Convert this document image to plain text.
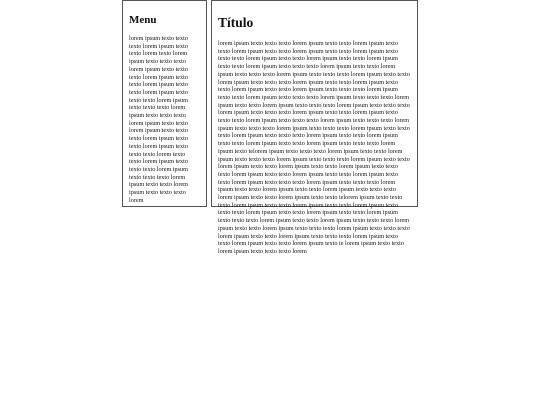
Menu

lorem ipsum texto texto texto lorem ipsum texto texto lorem texto lorem ipsum texto texto texto lorem ipsum texto texto texto lorem ipsum texto texto lorem ipsum texto texto lorem ipsum texto texto texto lorem ipsum texto texto texto lorem ipsum texto texto texto lorem ipsum texto texto lorem ipsum texto texto texto lorem ipsum texto texto lorem ipsum texto texto texto lorem texto texto lorem ipsum texto texto texto lorem ipsum texto texto texto lorem ipsum texto texto lorem ipsum texto texto texto lorem

Título

lorem ipsum texto texto texto lorem ipsum texto texto lorem ipsum texto texto lorem ipsum texto texto lorem ipsum texto texto lorem ipsum texto texto texto lorem ipsum texto texto lorem ipsum texto texto lorem ipsum texto texto lorem ipsum texto texto texto lorem ipsum texto texto lorem ipsum texto texto texto lorem ipsum texto texto texto lorem ipsum texto texto lorem ipsum texto texto texto lorem ipsum texto texto lorem ipsum texto texto lorem ipsum texto texto lorem ipsum texto texto texto lorem ipsum texto texto lorem ipsum texto texto texto lorem ipsum texto texto texto lorem ipsum texto texto lorem ipsum texto texto texto lorem ipsum texto texto texto lorem ipsum texto texto texto lorem ipsum texto texto lorem ipsum texto texto texto lorem ipsum texto texto texto lorem ipsum texto texto texto lorem ipsum texto texto texto lorem ipsum texto texto texto lorem ipsum texto texto texto lorem ipsum texto texto texto lorem ipsum texto texto lorem ipsum texto texto lorem ipsum texto texto lorem ipsum texto texto texto lorem ipsum texto telorem ipsum texto texto texto lorem ipsum texto texto lorem ipsum texto texto texto lorem ipsum texto texto texto lorem ipsum texto texto lorem ipsum texto texto lorem ipsum texto texto lorem ipsum texto texto texto lorem ipsum texto texto lorem ipsum texto texto lorem ipsum texto texto lorem ipsum texto texto texto lorem ipsum texto texto texto lorem ipsum texto texto lorem ipsum texto texto lorem ipsum texto texto texto lorem ipsum texto texto lorem ipsum texto texto telorem ipsum texto texto texto lorem ipsum texto texto lorem ipsum texto texto lorem ipsum texto texto texto lorem ipsum texto texto lorem ipsum texto texto lorem ipsum texto texto texto lorem ipsum texto texto lorem ipsum texto texto texto lorem ipsum texto texto lorem ipsum texto texto texto lorem ipsum texto texto texto lorem ipsum texto texto lorem ipsum texto texto texto lorem ipsum texto texto lorem ipsum texto texto lorem ipsum texto te lorem ipsum texto texto lorem ipsum texto texto texto lorem
